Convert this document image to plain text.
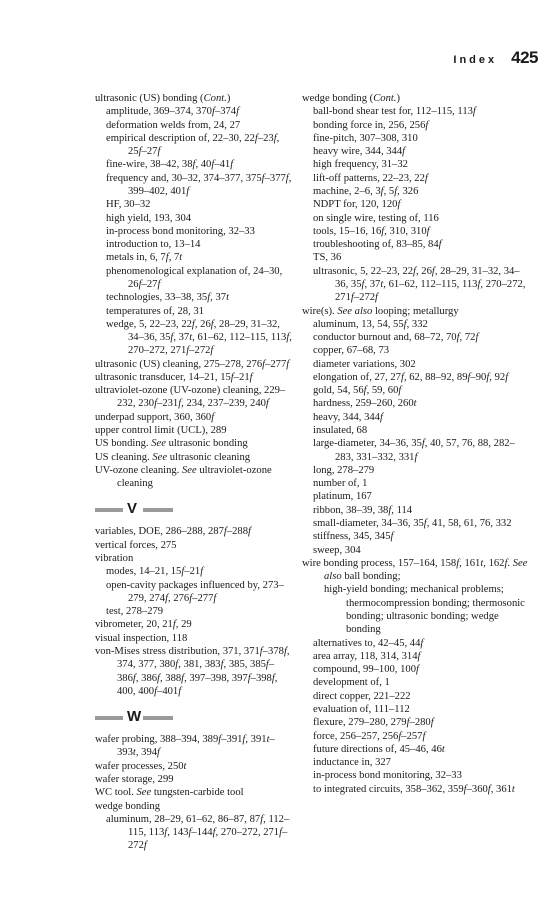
Index 425

ultrasonic (US) bonding (Cont.)

amplitude, 369–374, 370f–374f

deformation welds from, 24, 27

empirical description of, 22–30, 22f–23f, 25f–27f

fine-wire, 38–42, 38f, 40f–41f

frequency and, 30–32, 374–377, 375f–377f, 399–402, 401f

HF, 30–32

high yield, 193, 304

in-process bond monitoring, 32–33

introduction to, 13–14

metals in, 6, 7f, 7t

phenomenological explanation of, 24–30, 26f–27f

technologies, 33–38, 35f, 37t

temperatures of, 28, 31

wedge, 5, 22–23, 22f, 26f, 28–29, 31–32, 34–36, 35f, 37t, 61–62, 112–115, 113f, 270–272, 271f–272f

ultrasonic (US) cleaning, 275–278, 276f–277f

ultrasonic transducer, 14–21, 15f–21f

ultraviolet-ozone (UV-ozone) cleaning, 229–232, 230f–231f, 234, 237–239, 240f

underpad support, 360, 360f

upper control limit (UCL), 289

US bonding. See ultrasonic bonding

US cleaning. See ultrasonic cleaning

UV-ozone cleaning. See ultraviolet-ozone cleaning

V

variables, DOE, 286–288, 287f–288f

vertical forces, 275

vibration

modes, 14–21, 15f–21f

open-cavity packages influenced by, 273–279, 274f, 276f–277f

test, 278–279

vibrometer, 20, 21f, 29

visual inspection, 118

von-Mises stress distribution, 371, 371f–378f, 374, 377, 380f, 381, 383f, 385, 385f–386f, 386f, 388f, 397–398, 397f–398f, 400, 400f–401f

W

wafer probing, 388–394, 389f–391f, 391t–393t, 394f

wafer processes, 250t

wafer storage, 299

WC tool. See tungsten-carbide tool

wedge bonding

aluminum, 28–29, 61–62, 86–87, 87f, 112–115, 113f, 143f–144f, 270–272, 271f–272f

wedge bonding (Cont.)

ball-bond shear test for, 112–115, 113f

bonding force in, 256, 256f

fine-pitch, 307–308, 310

heavy wire, 344, 344f

high frequency, 31–32

lift-off patterns, 22–23, 22f

machine, 2–6, 3f, 5f, 326

NDPT for, 120, 120f

on single wire, testing of, 116

tools, 15–16, 16f, 310, 310f

troubleshooting of, 83–85, 84f

TS, 36

ultrasonic, 5, 22–23, 22f, 26f, 28–29, 31–32, 34–36, 35f, 37t, 61–62, 112–115, 113f, 270–272, 271f–272f

wire(s). See also looping; metallurgy

aluminum, 13, 54, 55f, 332

conductor burnout and, 68–72, 70f, 72f

copper, 67–68, 73

diameter variations, 302

elongation of, 27, 27f, 62, 88–92, 89f–90f, 92f

gold, 54, 56f, 59, 60f

hardness, 259–260, 260t

heavy, 344, 344f

insulated, 68

large-diameter, 34–36, 35f, 40, 57, 76, 88, 282–283, 331–332, 331f

long, 278–279

number of, 1

platinum, 167

ribbon, 38–39, 38f, 114

small-diameter, 34–36, 35f, 41, 58, 61, 76, 332

stiffness, 345, 345f

sweep, 304

wire bonding process, 157–164, 158f, 161t, 162f. See also ball bonding;

high-yield bonding; mechanical problems; thermocompression bonding; thermosonic bonding; ultrasonic bonding; wedge bonding

alternatives to, 42–45, 44f

area array, 118, 314, 314f

compound, 99–100, 100f

development of, 1

direct copper, 221–222

evaluation of, 111–112

flexure, 279–280, 279f–280f

force, 256–257, 256f–257f

future directions of, 45–46, 46t

inductance in, 327

in-process bond monitoring, 32–33

to integrated circuits, 358–362, 359f–360f, 361t
